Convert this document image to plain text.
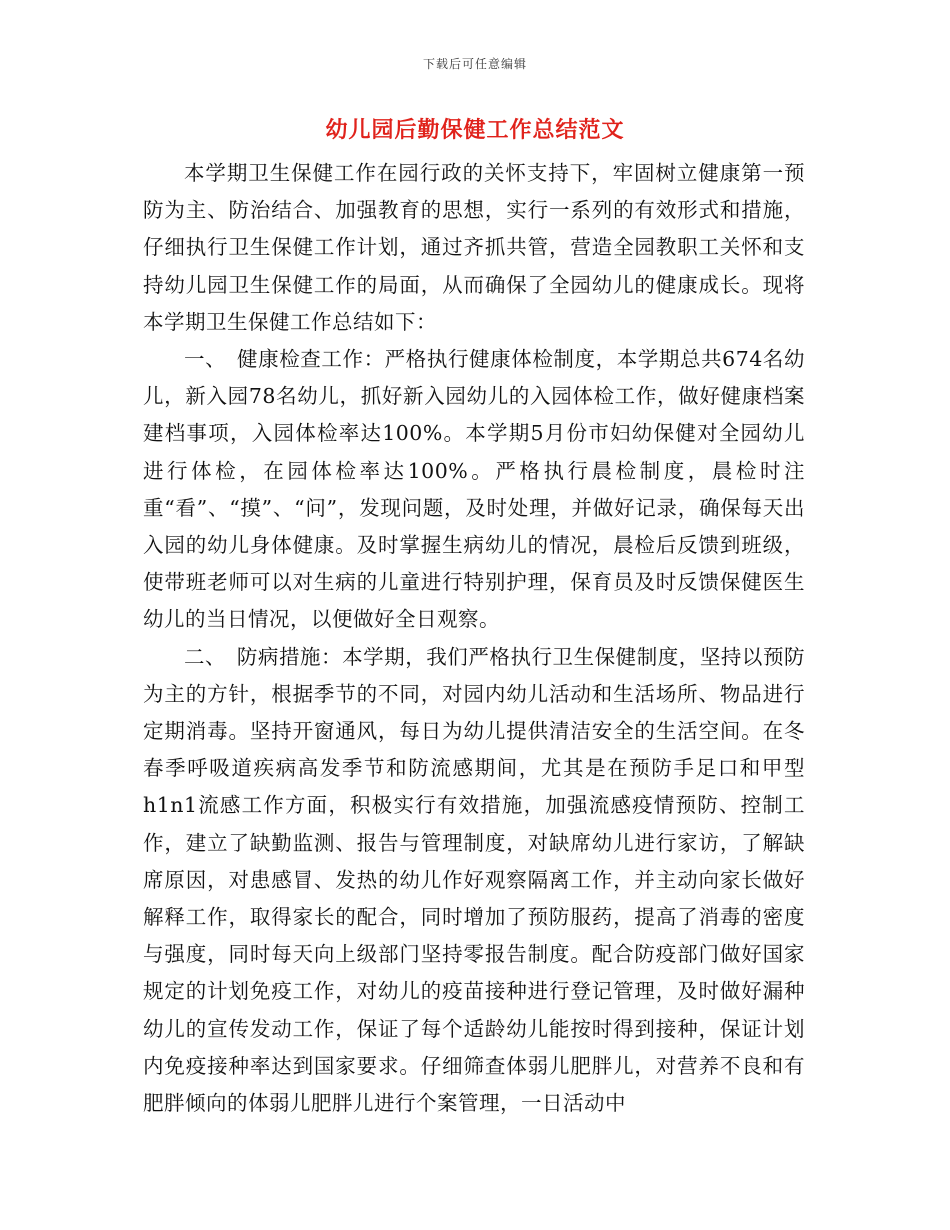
下载后可任意编辑
幼儿园后勤保健工作总结范文

本学期卫生保健工作在园行政的关怀支持下，牢固树立健康第一预防为主、防治结合、加强教育的思想，实行一系列的有效形式和措施，仔细执行卫生保健工作计划，通过齐抓共管，营造全园教职工关怀和支持幼儿园卫生保健工作的局面，从而确保了全园幼儿的健康成长。现将本学期卫生保健工作总结如下：

一、　健康检查工作：严格执行健康体检制度，本学期总共674名幼儿，新入园78名幼儿，抓好新入园幼儿的入园体检工作，做好健康档案建档事项，入园体检率达100%。本学期5月份市妇幼保健对全园幼儿进行体检，在园体检率达100%。严格执行晨检制度，晨检时注重“看”、“摸”、“问”，发现问题，及时处理，并做好记录，确保每天出入园的幼儿身体健康。及时掌握生病幼儿的情况，晨检后反馈到班级，使带班老师可以对生病的儿童进行特别护理，保育员及时反馈保健医生幼儿的当日情况，以便做好全日观察。

二、　防病措施：本学期，我们严格执行卫生保健制度，坚持以预防为主的方针，根据季节的不同，对园内幼儿活动和生活场所、物品进行定期消毒。坚持开窗通风，每日为幼儿提供清洁安全的生活空间。在冬春季呼吸道疾病高发季节和防流感期间，尤其是在预防手足口和甲型h1n1流感工作方面，积极实行有效措施，加强流感疫情预防、控制工作，建立了缺勤监测、报告与管理制度，对缺席幼儿进行家访，了解缺席原因，对患感冒、发热的幼儿作好观察隔离工作，并主动向家长做好解释工作，取得家长的配合，同时增加了预防服药，提高了消毒的密度与强度，同时每天向上级部门坚持零报告制度。配合防疫部门做好国家规定的计划免疫工作，对幼儿的疫苗接种进行登记管理，及时做好漏种幼儿的宣传发动工作，保证了每个适龄幼儿能按时得到接种，保证计划内免疫接种率达到国家要求。仔细筛查体弱儿肥胖儿，对营养不良和有肥胖倾向的体弱儿肥胖儿进行个案管理，一日活动中
